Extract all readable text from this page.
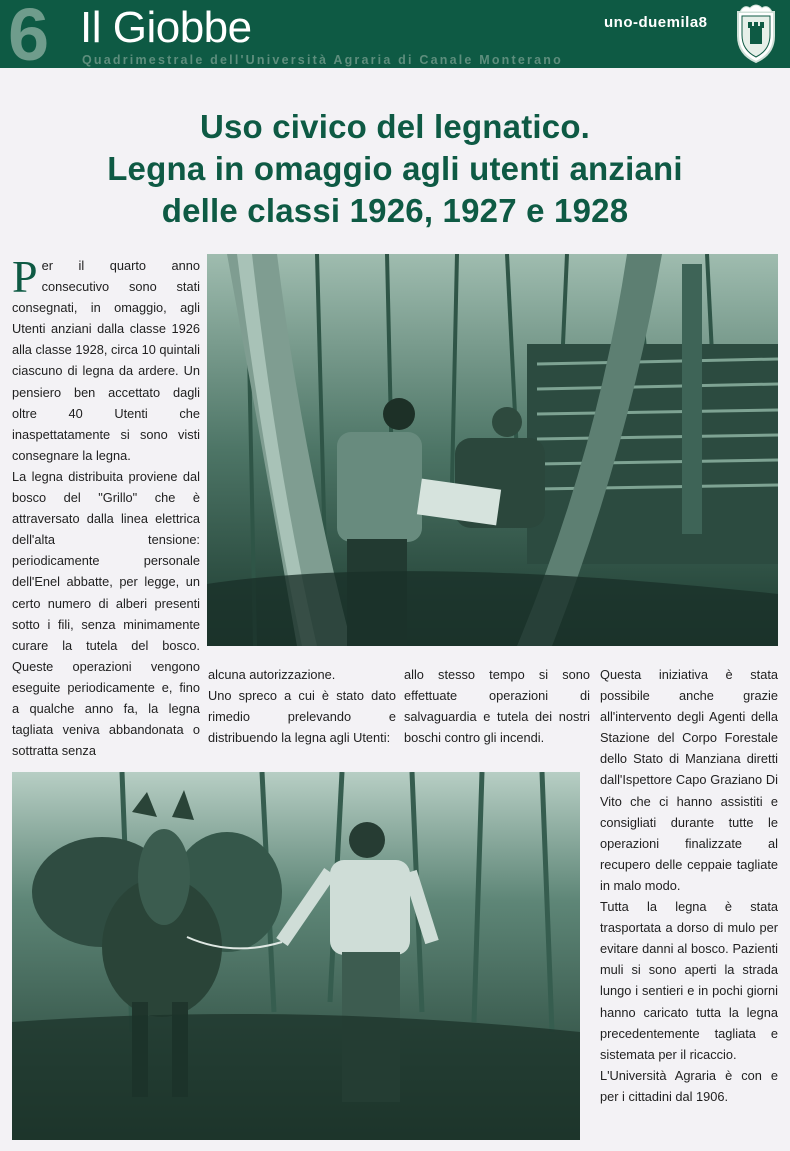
6 Il Giobbe
Quadrimestrale dell'Università Agraria di Canale Monterano
uno-duemila8
Uso civico del legnatico.
Legna in omaggio agli utenti anziani
delle classi 1926, 1927 e 1928

Per il quarto anno consecutivo sono stati consegnati, in omaggio, agli Utenti anziani dalla classe 1926 alla classe 1928, circa 10 quintali ciascuno di legna da ardere. Un pensiero ben accettato dagli oltre 40 Utenti che inaspettatamente si sono visti consegnare la legna.

La legna distribuita proviene dal bosco del "Grillo" che è attraversato dalla linea elettrica dell'alta tensione: periodicamente personale dell'Enel abbatte, per legge, un certo numero di alberi presenti sotto i fili, senza minimamente curare la tutela del bosco. Queste operazioni vengono eseguite periodicamente e, fino a qualche anno fa, la legna tagliata veniva abbandonata o sottratta senza

alcuna autorizzazione.

Uno spreco a cui è stato dato rimedio prelevando e distribuendo la legna agli Utenti:

allo stesso tempo si sono effettuate operazioni di salvaguardia e tutela dei nostri boschi contro gli incendi.

Questa iniziativa è stata possibile anche grazie all'intervento degli Agenti della Stazione del Corpo Forestale dello Stato di Manziana diretti dall'Ispettore Capo Graziano Di Vito che ci hanno assistiti e consigliati durante tutte le operazioni finalizzate al recupero delle ceppaie tagliate in malo modo.

Tutta la legna è stata trasportata a dorso di mulo per evitare danni al bosco. Pazienti muli si sono aperti la strada lungo i sentieri e in pochi giorni hanno caricato tutta la legna precedentemente tagliata e sistemata per il ricaccio.

L'Università Agraria è con e per i cittadini dal 1906.
